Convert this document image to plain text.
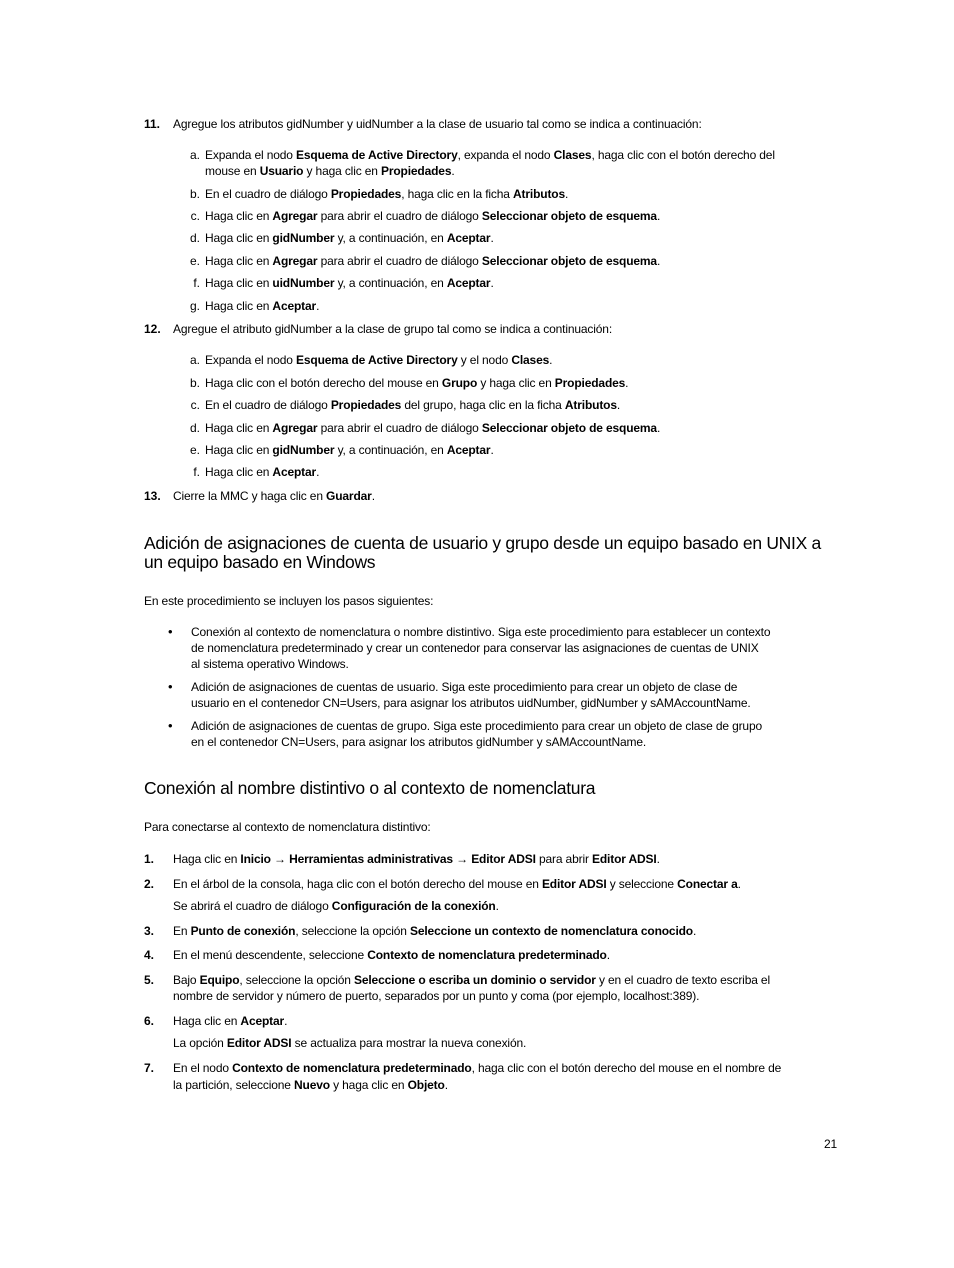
11. Agregue los atributos gidNumber y uidNumber a la clase de usuario tal como se indica a continuación:
a. Expanda el nodo Esquema de Active Directory, expanda el nodo Clases, haga clic con el botón derecho del
mouse en Usuario y haga clic en Propiedades.
b. En el cuadro de diálogo Propiedades, haga clic en la ficha Atributos.
c. Haga clic en Agregar para abrir el cuadro de diálogo Seleccionar objeto de esquema.
d. Haga clic en gidNumber y, a continuación, en Aceptar.
e. Haga clic en Agregar para abrir el cuadro de diálogo Seleccionar objeto de esquema.
f. Haga clic en uidNumber y, a continuación, en Aceptar.
g. Haga clic en Aceptar.
12. Agregue el atributo gidNumber a la clase de grupo tal como se indica a continuación:
a. Expanda el nodo Esquema de Active Directory y el nodo Clases.
b. Haga clic con el botón derecho del mouse en Grupo y haga clic en Propiedades.
c. En el cuadro de diálogo Propiedades del grupo, haga clic en la ficha Atributos.
d. Haga clic en Agregar para abrir el cuadro de diálogo Seleccionar objeto de esquema.
e. Haga clic en gidNumber y, a continuación, en Aceptar.
f. Haga clic en Aceptar.
13. Cierre la MMC y haga clic en Guardar.
Adición de asignaciones de cuenta de usuario y grupo desde un equipo basado en UNIX a
un equipo basado en Windows
En este procedimiento se incluyen los pasos siguientes:
• Conexión al contexto de nomenclatura o nombre distintivo. Siga este procedimiento para establecer un contexto
de nomenclatura predeterminado y crear un contenedor para conservar las asignaciones de cuentas de UNIX
al sistema operativo Windows.
• Adición de asignaciones de cuentas de usuario. Siga este procedimiento para crear un objeto de clase de
usuario en el contenedor CN=Users, para asignar los atributos uidNumber, gidNumber y sAMAccountName.
• Adición de asignaciones de cuentas de grupo. Siga este procedimiento para crear un objeto de clase de grupo
en el contenedor CN=Users, para asignar los atributos gidNumber y sAMAccountName.
Conexión al nombre distintivo o al contexto de nomenclatura
Para conectarse al contexto de nomenclatura distintivo:
1. Haga clic en Inicio → Herramientas administrativas → Editor ADSI para abrir Editor ADSI.
2. En el árbol de la consola, haga clic con el botón derecho del mouse en Editor ADSI y seleccione Conectar a.
Se abrirá el cuadro de diálogo Configuración de la conexión.
3. En Punto de conexión, seleccione la opción Seleccione un contexto de nomenclatura conocido.
4. En el menú descendente, seleccione Contexto de nomenclatura predeterminado.
5. Bajo Equipo, seleccione la opción Seleccione o escriba un dominio o servidor y en el cuadro de texto escriba el
nombre de servidor y número de puerto, separados por un punto y coma (por ejemplo, localhost:389).
6. Haga clic en Aceptar.
La opción Editor ADSI se actualiza para mostrar la nueva conexión.
7. En el nodo Contexto de nomenclatura predeterminado, haga clic con el botón derecho del mouse en el nombre de
la partición, seleccione Nuevo y haga clic en Objeto.
21
